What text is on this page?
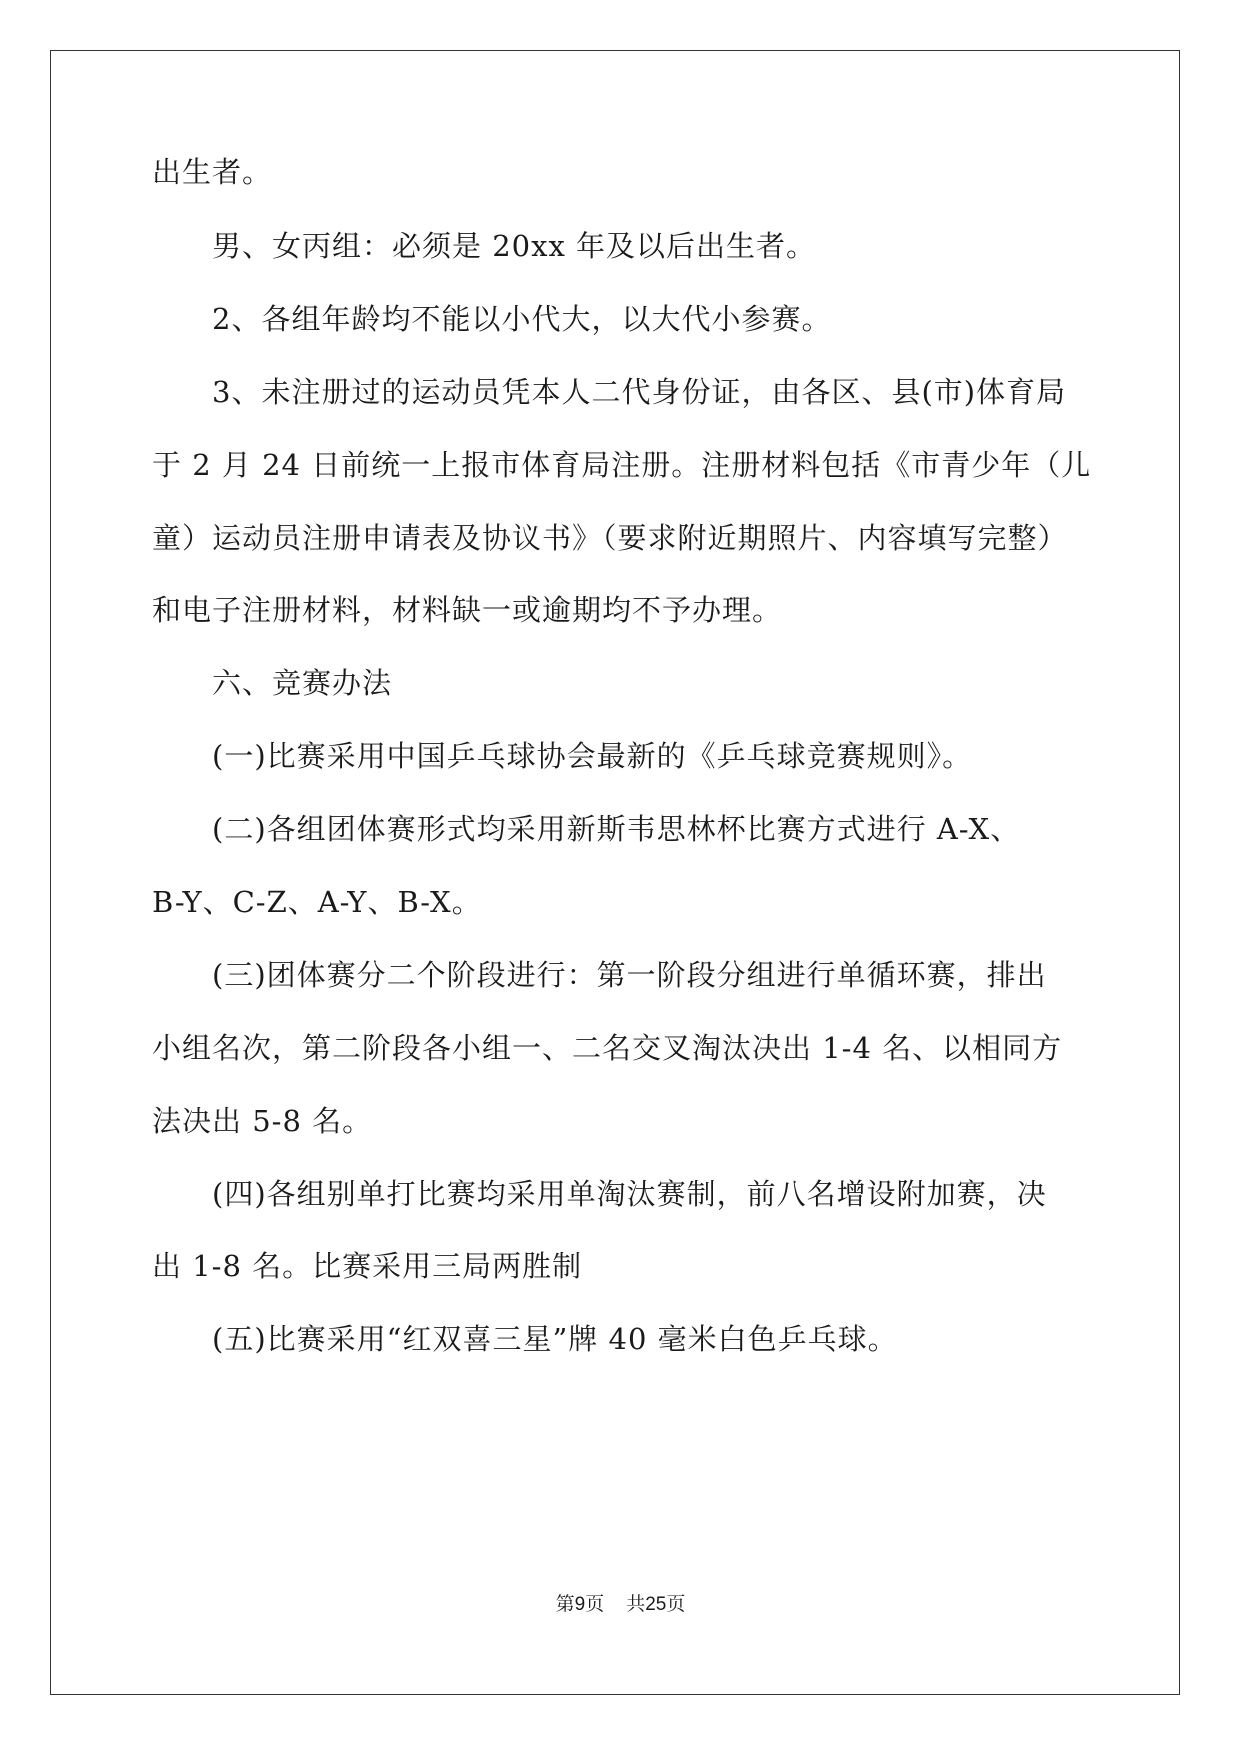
出生者。
男、女丙组：必须是 20xx 年及以后出生者。
2、各组年龄均不能以小代大，以大代小参赛。
3、未注册过的运动员凭本人二代身份证，由各区、县(市)体育局
于 2 月 24 日前统一上报市体育局注册。注册材料包括《市青少年（儿
童）运动员注册申请表及协议书》（要求附近期照片、内容填写完整）
和电子注册材料，材料缺一或逾期均不予办理。
六、竞赛办法
(一)比赛采用中国乒乓球协会最新的《乒乓球竞赛规则》。
(二)各组团体赛形式均采用新斯韦思林杯比赛方式进行 A-X、
B-Y、C-Z、A-Y、B-X。
(三)团体赛分二个阶段进行：第一阶段分组进行单循环赛，排出
小组名次，第二阶段各小组一、二名交叉淘汰决出 1-4 名、以相同方
法决出 5-8 名。
(四)各组别单打比赛均采用单淘汰赛制，前八名增设附加赛，决
出 1-8 名。比赛采用三局两胜制
(五)比赛采用“红双喜三星”牌 40 毫米白色乒乓球。
第9页 共25页
